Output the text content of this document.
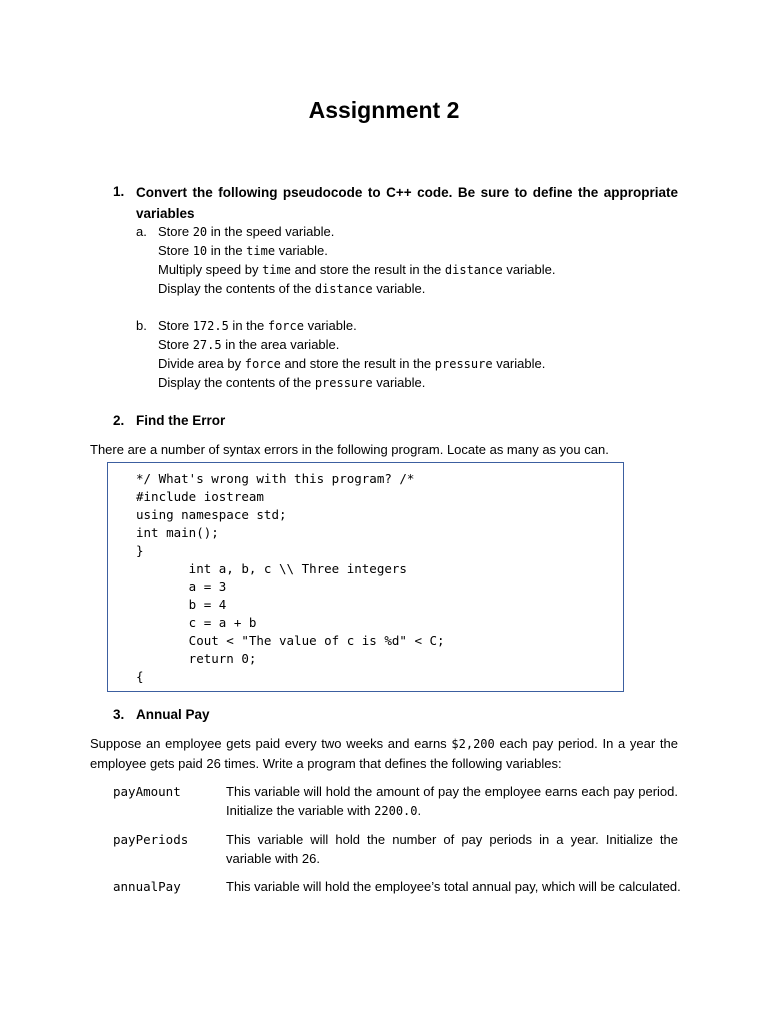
Assignment 2
1. Convert the following pseudocode to C++ code. Be sure to define the appropriate variables
a. Store 20 in the speed variable.
Store 10 in the time variable.
Multiply speed by time and store the result in the distance variable.
Display the contents of the distance variable.
b. Store 172.5 in the force variable.
Store 27.5 in the area variable.
Divide area by force and store the result in the pressure variable.
Display the contents of the pressure variable.
2. Find the Error
There are a number of syntax errors in the following program. Locate as many as you can.
*/ What's wrong with this program? /*
#include iostream
using namespace std;
int main();
}
int a, b, c \\ Three integers
a = 3
b = 4
c = a + b
Cout < "The value of c is %d" < C;
return 0;
{
3. Annual Pay
Suppose an employee gets paid every two weeks and earns $2,200 each pay period. In a year the employee gets paid 26 times. Write a program that defines the following variables:
payAmount	This variable will hold the amount of pay the employee earns each pay period. Initialize the variable with 2200.0.
payPeriods	This variable will hold the number of pay periods in a year. Initialize the variable with 26.
annualPay	This variable will hold the employee’s total annual pay, which will be calculated.
